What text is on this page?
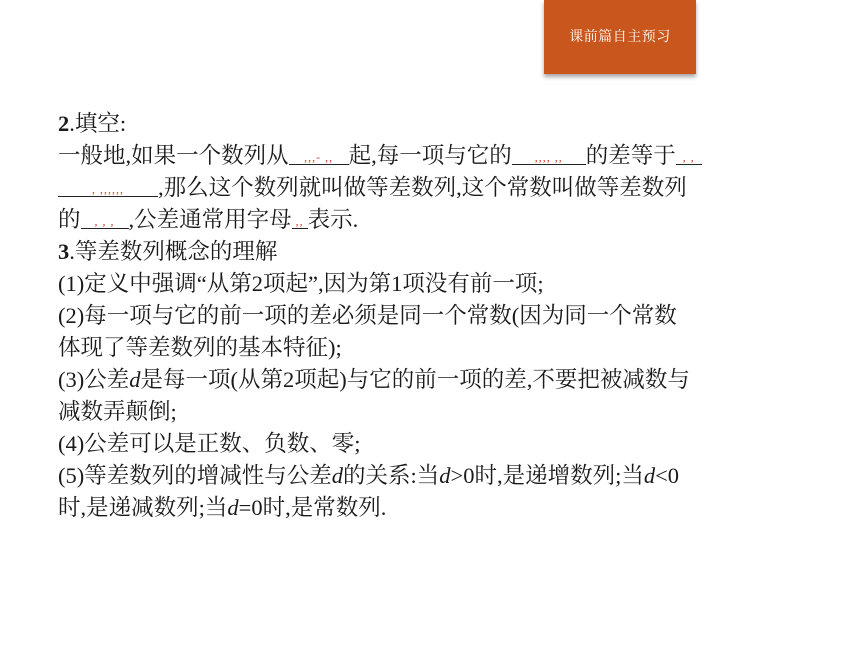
课前篇自主预习
2.填空:
一般地,如果一个数列从 ,,,- ,, 起,每一项与它的 ,,,, ,, 的差等于 , ,
, ,,,,,, ,那么这个数列就叫做等差数列,这个常数叫做等差数列
的 , , , ,公差通常用字母 ,, 表示.
3.等差数列概念的理解
(1)定义中强调“从第2项起”,因为第1项没有前一项;
(2)每一项与它的前一项的差必须是同一个常数(因为同一个常数
体现了等差数列的基本特征);
(3)公差d是每一项(从第2项起)与它的前一项的差,不要把被减数与
减数弄颠倒;
(4)公差可以是正数、负数、零;
(5)等差数列的增减性与公差d的关系:当d>0时,是递增数列;当d<0
时,是递减数列;当d=0时,是常数列.
